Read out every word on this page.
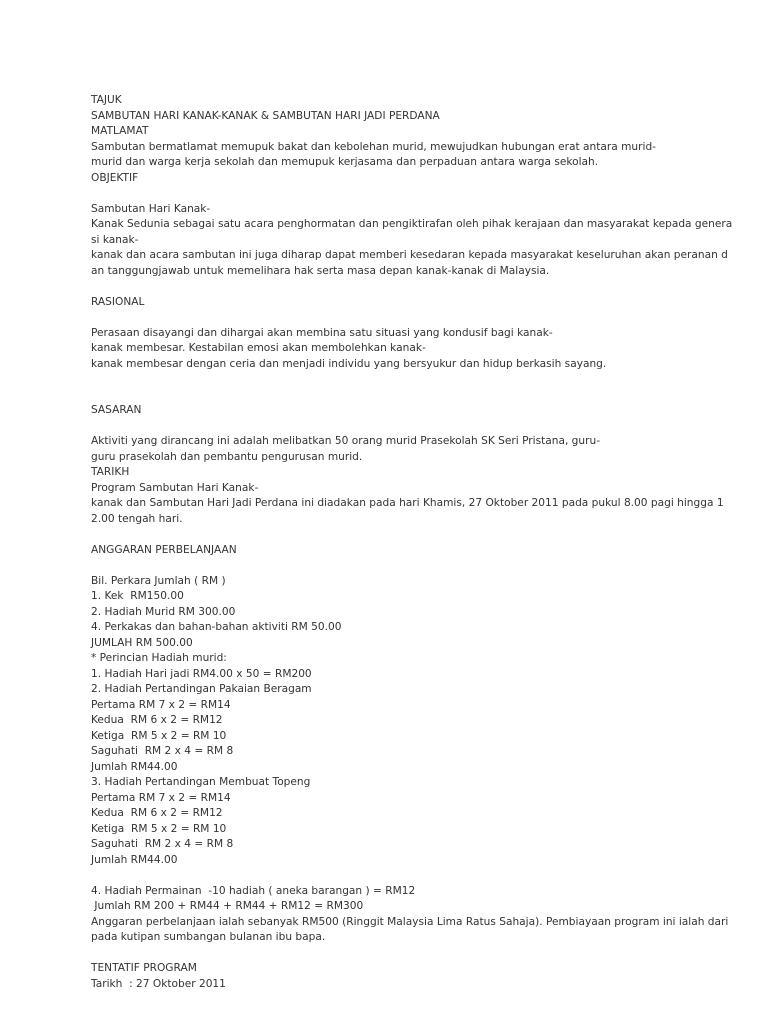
TAJUK
SAMBUTAN HARI KANAK-KANAK & SAMBUTAN HARI JADI PERDANA
MATLAMAT
Sambutan bermatlamat memupuk bakat dan kebolehan murid, mewujudkan hubungan erat antara murid-
murid dan warga kerja sekolah dan memupuk kerjasama dan perpaduan antara warga sekolah.
OBJEKTIF
Sambutan Hari Kanak-
Kanak Sedunia sebagai satu acara penghormatan dan pengiktirafan oleh pihak kerajaan dan masyarakat kepada genera
si kanak-
kanak dan acara sambutan ini juga diharap dapat memberi kesedaran kepada masyarakat keseluruhan akan peranan d
an tanggungjawab untuk memelihara hak serta masa depan kanak-kanak di Malaysia.
RASIONAL
Perasaan disayangi dan dihargai akan membina satu situasi yang kondusif bagi kanak-
kanak membesar. Kestabilan emosi akan membolehkan kanak-
kanak membesar dengan ceria dan menjadi individu yang bersyukur dan hidup berkasih sayang.
SASARAN
Aktiviti yang dirancang ini adalah melibatkan 50 orang murid Prasekolah SK Seri Pristana, guru-
guru prasekolah dan pembantu pengurusan murid.
TARIKH
Program Sambutan Hari Kanak-
kanak dan Sambutan Hari Jadi Perdana ini diadakan pada hari Khamis, 27 Oktober 2011 pada pukul 8.00 pagi hingga 1
2.00 tengah hari.
ANGGARAN PERBELANJAAN
Bil. Perkara Jumlah ( RM )
1. Kek  RM150.00
2. Hadiah Murid RM 300.00
4. Perkakas dan bahan-bahan aktiviti RM 50.00
JUMLAH RM 500.00
* Perincian Hadiah murid:
1. Hadiah Hari jadi RM4.00 x 50 = RM200
2. Hadiah Pertandingan Pakaian Beragam
Pertama RM 7 x 2 = RM14
Kedua  RM 6 x 2 = RM12
Ketiga  RM 5 x 2 = RM 10
Saguhati  RM 2 x 4 = RM 8
Jumlah RM44.00
3. Hadiah Pertandingan Membuat Topeng
Pertama RM 7 x 2 = RM14
Kedua  RM 6 x 2 = RM12
Ketiga  RM 5 x 2 = RM 10
Saguhati  RM 2 x 4 = RM 8
Jumlah RM44.00
4. Hadiah Permainan  -10 hadiah ( aneka barangan ) = RM12
Jumlah RM 200 + RM44 + RM44 + RM12 = RM300
Anggaran perbelanjaan ialah sebanyak RM500 (Ringgit Malaysia Lima Ratus Sahaja). Pembiayaan program ini ialah dari
pada kutipan sumbangan bulanan ibu bapa.
TENTATIF PROGRAM
Tarikh  : 27 Oktober 2011
